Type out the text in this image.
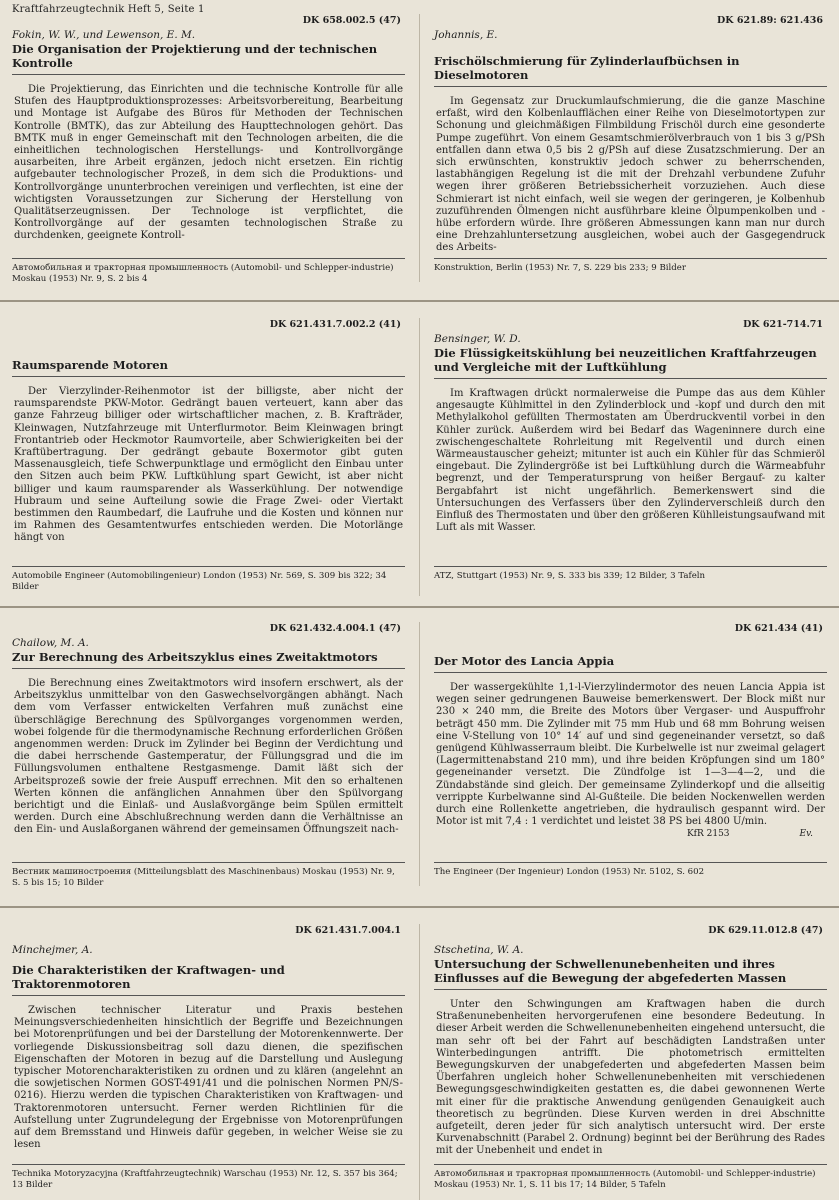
Kraftfahrzeugtechnik Heft 5, Seite 1
DK 658.002.5 (47)
Fokin, W. W., und Lewenson, E. M.
Die Organisation der Projektierung und der technischen Kontrolle
Die Projektierung, das Einrichten und die technische Kontrolle für alle Stufen des Hauptproduktionsprozesses: Arbeitsvorbereitung, Bearbeitung und Montage ist Aufgabe des Büros für Methoden der Technischen Kontrolle (BMTK), das zur Abteilung des Haupttechnologen gehört. Das BMTK muß in enger Gemeinschaft mit den Technologen arbeiten, die die einheitlichen technologischen Herstellungs- und Kontrollvorgänge ausarbeiten, ihre Arbeit ergänzen, jedoch nicht ersetzen. Ein richtig aufgebauter technologischer Prozeß, in dem sich die Produktions- und Kontrollvorgänge ununterbrochen vereinigen und verflechten, ist eine der wichtigsten Voraussetzungen zur Sicherung der Herstellung von Qualitätserzeugnissen. Der Technologe ist verpflichtet, die Kontrollvorgänge auf der gesamten technologischen Straße zu durchdenken, geeignete Kontroll-
Автомобильная и тракторная промышленность (Automobil- und Schlepper-industrie) Moskau (1953) Nr. 9, S. 2 bis 4
DK 621.89: 621.436
Johannis, E.
Frischölschmierung für Zylinderlaufbüchsen in Dieselmotoren
Im Gegensatz zur Druckumlaufschmierung, die die ganze Maschine erfaßt, wird den Kolbenlaufflächen einer Reihe von Dieselmotortypen zur Schonung und gleichmäßigen Filmbildung Frischöl durch eine gesonderte Pumpe zugeführt. Von einem Gesamtschmierölverbrauch von 1 bis 3 g/PSh entfallen dann etwa 0,5 bis 2 g/PSh auf diese Zusatzschmierung. Der an sich erwünschten, konstruktiv jedoch schwer zu beherrschenden, lastabhängigen Regelung ist die mit der Drehzahl verbundene Zufuhr wegen ihrer größeren Betriebssicherheit vorzuziehen. Auch diese Schmierart ist nicht einfach, weil sie wegen der geringeren, je Kolbenhub zuzuführenden Ölmengen nicht ausführbare kleine Ölpumpenkolben und -hübe erfordern würde. Ihre größeren Abmessungen kann man nur durch eine Drehzahluntersetzung ausgleichen, wobei auch der Gasgegendruck des Arbeits-
Konstruktion, Berlin (1953) Nr. 7, S. 229 bis 233; 9 Bilder
DK 621.431.7.002.2 (41)
Raumsparende Motoren
Der Vierzylinder-Reihenmotor ist der billigste, aber nicht der raumsparendste PKW-Motor. Gedrängt bauen verteuert, kann aber das ganze Fahrzeug billiger oder wirtschaftlicher machen, z. B. Krafträder, Kleinwagen, Nutzfahrzeuge mit Unterflurmotor. Beim Kleinwagen bringt Frontantrieb oder Heckmotor Raumvorteile, aber Schwierigkeiten bei der Kraftübertragung. Der gedrängt gebaute Boxermotor gibt guten Massenausgleich, tiefe Schwerpunktlage und ermöglicht den Einbau unter den Sitzen auch beim PKW. Luftkühlung spart Gewicht, ist aber nicht billiger und kaum raumsparender als Wasserkühlung. Der notwendige Hubraum und seine Aufteilung sowie die Frage Zwei- oder Viertakt bestimmen den Raumbedarf, die Laufruhe und die Kosten und können nur im Rahmen des Gesamtentwurfes entschieden werden. Die Motorlänge hängt von
Automobile Engineer (Automobilingenieur) London (1953) Nr. 569, S. 309 bis 322; 34 Bilder
DK 621-714.71
Bensinger, W. D.
Die Flüssigkeitskühlung bei neuzeitlichen Kraftfahrzeugen und Vergleiche mit der Luftkühlung
Im Kraftwagen drückt normalerweise die Pumpe das aus dem Kühler angesaugte Kühlmittel in den Zylinderblock und -kopf und durch den mit Methylalkohol gefüllten Thermostaten am Überdruckventil vorbei in den Kühler zurück. Außerdem wird bei Bedarf das Wageninnere durch eine zwischengeschaltete Rohrleitung mit Regelventil und durch einen Wärmeaustauscher geheizt; mitunter ist auch ein Kühler für das Schmieröl eingebaut. Die Zylindergröße ist bei Luftkühlung durch die Wärmeabfuhr begrenzt, und der Temperatursprung von heißer Bergauf- zu kalter Bergabfahrt ist nicht ungefährlich. Bemerkenswert sind die Untersuchungen des Verfassers über den Zylinderverschleiß durch den Einfluß des Thermostaten und über den größeren Kühlleistungsaufwand mit Luft als mit Wasser.
ATZ, Stuttgart (1953) Nr. 9, S. 333 bis 339; 12 Bilder, 3 Tafeln
DK 621.432.4.004.1 (47)
Chailow, M. A.
Zur Berechnung des Arbeitszyklus eines Zweitaktmotors
Die Berechnung eines Zweitaktmotors wird insofern erschwert, als der Arbeitszyklus unmittelbar von den Gaswechselvorgängen abhängt. Nach dem vom Verfasser entwickelten Verfahren muß zunächst eine überschlägige Berechnung des Spülvorganges vorgenommen werden, wobei folgende für die thermodynamische Rechnung erforderlichen Größen angenommen werden: Druck im Zylinder bei Beginn der Verdichtung und die dabei herrschende Gastemperatur, der Füllungsgrad und die im Füllungsvolumen enthaltene Restgasmenge. Damit läßt sich der Arbeitsprozeß sowie der freie Auspuff errechnen. Mit den so erhaltenen Werten können die anfänglichen Annahmen über den Spülvorgang berichtigt und die Einlaß- und Auslaßvorgänge beim Spülen ermittelt werden. Durch eine Abschlußrechnung werden dann die Verhältnisse an den Ein- und Auslaßorganen während der gemeinsamen Öffnungszeit nach-
Вестник машиностроения (Mitteilungsblatt des Maschinenbaus) Moskau (1953) Nr. 9, S. 5 bis 15; 10 Bilder
DK 621.434 (41)
Der Motor des Lancia Appia
Der wassergekühlte 1,1-l-Vierzylindermotor des neuen Lancia Appia ist wegen seiner gedrungenen Bauweise bemerkenswert. Der Block mißt nur 230 × 240 mm, die Breite des Motors über Vergaser- und Auspuffrohr beträgt 450 mm. Die Zylinder mit 75 mm Hub und 68 mm Bohrung weisen eine V-Stellung von 10° 14′ auf und sind gegeneinander versetzt, so daß genügend Kühlwasserraum bleibt. Die Kurbelwelle ist nur zweimal gelagert (Lagermittenabstand 210 mm), und ihre beiden Kröpfungen sind um 180° gegeneinander versetzt. Die Zündfolge ist 1—3—4—2, und die Zündabstände sind gleich. Der gemeinsame Zylinderkopf und die allseitig verrippte Kurbelwanne sind Al-Gußteile. Die beiden Nockenwellen werden durch eine Rollenkette angetrieben, die hydraulisch gespannt wird. Der Motor ist mit 7,4 : 1 verdichtet und leistet 38 PS bei 4800 U/min.
KfR 2153	Ev.
The Engineer (Der Ingenieur) London (1953) Nr. 5102, S. 602
DK 621.431.7.004.1
Minchejmer, A.
Die Charakteristiken der Kraftwagen- und Traktorenmotoren
Zwischen technischer Literatur und Praxis bestehen Meinungsverschiedenheiten hinsichtlich der Begriffe und Bezeichnungen bei Motorenprüfungen und bei der Darstellung der Motorenkennwerte. Der vorliegende Diskussionsbeitrag soll dazu dienen, die spezifischen Eigenschaften der Motoren in bezug auf die Darstellung und Auslegung typischer Motorencharakteristiken zu ordnen und zu klären (angelehnt an die sowjetischen Normen GOST-491/41 und die polnischen Normen PN/S-0216). Hierzu werden die typischen Charakteristiken von Kraftwagen- und Traktorenmotoren untersucht. Ferner werden Richtlinien für die Aufstellung unter Zugrundelegung der Ergebnisse von Motorenprüfungen auf dem Bremsstand und Hinweis dafür gegeben, in welcher Weise sie zu lesen
Technika Motoryzacyjna (Kraftfahrzeugtechnik) Warschau (1953) Nr. 12, S. 357 bis 364; 13 Bilder
DK 629.11.012.8 (47)
Stschetina, W. A.
Untersuchung der Schwellenunebenheiten und ihres Einflusses auf die Bewegung der abgefederten Massen
Unter den Schwingungen am Kraftwagen haben die durch Straßenunebenheiten hervorgerufenen eine besondere Bedeutung. In dieser Arbeit werden die Schwellenunebenheiten eingehend untersucht, die man sehr oft bei der Fahrt auf beschädigten Landstraßen unter Winterbedingungen antrifft. Die photometrisch ermittelten Bewegungskurven der unabgefederten und abgefederten Massen beim Überfahren ungleich hoher Schwellenunebenheiten mit verschiedenen Bewegungsgeschwindigkeiten gestatten es, die dabei gewonnenen Werte mit einer für die praktische Anwendung genügenden Genauigkeit auch theoretisch zu begründen. Diese Kurven werden in drei Abschnitte aufgeteilt, deren jeder für sich analytisch untersucht wird. Der erste Kurvenabschnitt (Parabel 2. Ordnung) beginnt bei der Berührung des Rades mit der Unebenheit und endet in
Автомобильная и тракторная промышленность (Automobil- und Schlepper-industrie) Moskau (1953) Nr. 1, S. 11 bis 17; 14 Bilder, 5 Tafeln
